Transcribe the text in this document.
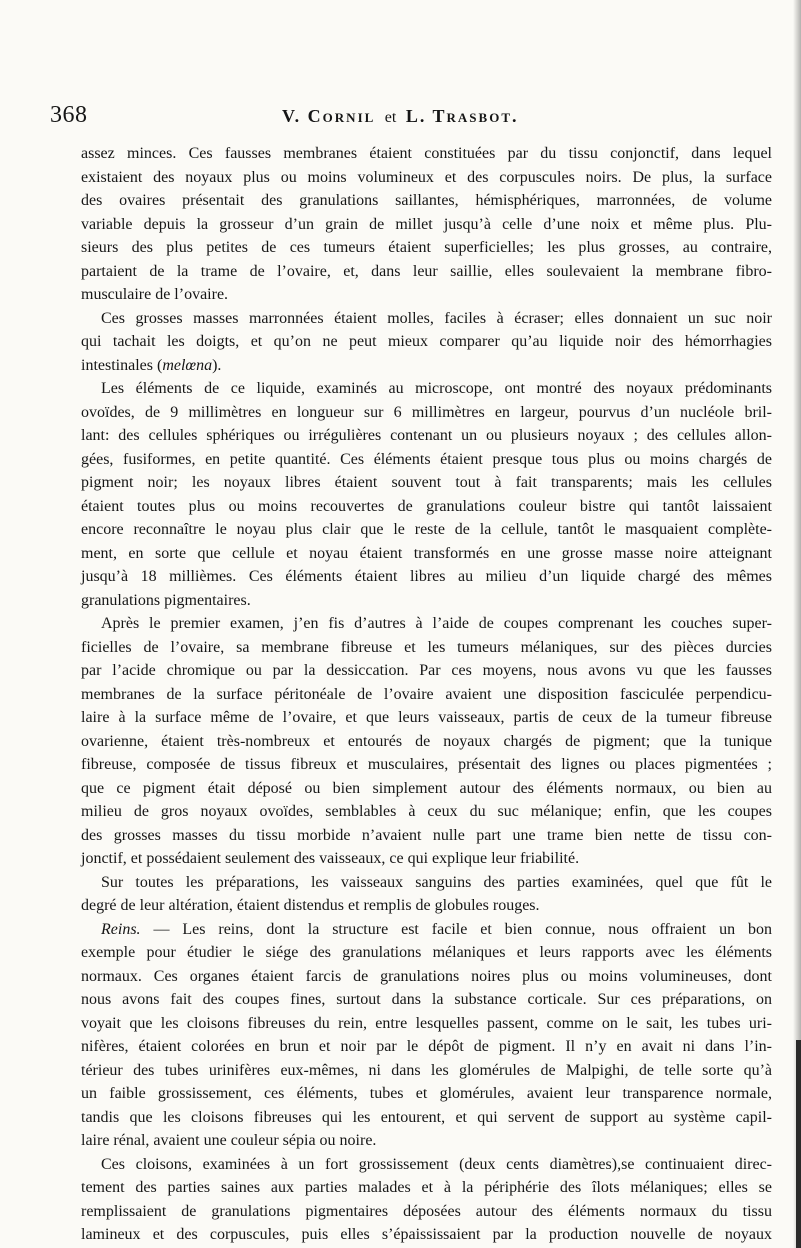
368	V. Cornil et L. Trasbot.
assez minces. Ces fausses membranes étaient constituées par du tissu conjonctif, dans lequel
existaient des noyaux plus ou moins volumineux et des corpuscules noirs. De plus, la surface
des ovaires présentait des granulations saillantes, hémisphériques, marronnées, de volume
variable depuis la grosseur d’un grain de millet jusqu’à celle d’une noix et même plus. Plu-
sieurs des plus petites de ces tumeurs étaient superficielles; les plus grosses, au contraire,
partaient de la trame de l’ovaire, et, dans leur saillie, elles soulevaient la membrane fibro-
musculaire de l’ovaire.
Ces grosses masses marronnées étaient molles, faciles à écraser; elles donnaient un suc noir
qui tachait les doigts, et qu’on ne peut mieux comparer qu’au liquide noir des hémorrhagies
intestinales (melœna).
Les éléments de ce liquide, examinés au microscope, ont montré des noyaux prédominants
ovoïdes, de 9 millimètres en longueur sur 6 millimètres en largeur, pourvus d’un nucléole bril-
lant: des cellules sphériques ou irrégulières contenant un ou plusieurs noyaux ; des cellules allon-
gées, fusiformes, en petite quantité. Ces éléments étaient presque tous plus ou moins chargés de
pigment noir; les noyaux libres étaient souvent tout à fait transparents; mais les cellules
étaient toutes plus ou moins recouvertes de granulations couleur bistre qui tantôt laissaient
encore reconnaître le noyau plus clair que le reste de la cellule, tantôt le masquaient complète-
ment, en sorte que cellule et noyau étaient transformés en une grosse masse noire atteignant
jusqu’à 18 millièmes. Ces éléments étaient libres au milieu d’un liquide chargé des mêmes
granulations pigmentaires.
Après le premier examen, j’en fis d’autres à l’aide de coupes comprenant les couches super-
ficielles de l’ovaire, sa membrane fibreuse et les tumeurs mélaniques, sur des pièces durcies
par l’acide chromique ou par la dessiccation. Par ces moyens, nous avons vu que les fausses
membranes de la surface péritonéale de l’ovaire avaient une disposition fasciculée perpendicu-
laire à la surface même de l’ovaire, et que leurs vaisseaux, partis de ceux de la tumeur fibreuse
ovarienne, étaient très-nombreux et entourés de noyaux chargés de pigment; que la tunique
fibreuse, composée de tissus fibreux et musculaires, présentait des lignes ou places pigmentées ;
que ce pigment était déposé ou bien simplement autour des éléments normaux, ou bien au
milieu de gros noyaux ovoïdes, semblables à ceux du suc mélanique; enfin, que les coupes
des grosses masses du tissu morbide n’avaient nulle part une trame bien nette de tissu con-
jonctif, et possédaient seulement des vaisseaux, ce qui explique leur friabilité.
Sur toutes les préparations, les vaisseaux sanguins des parties examinées, quel que fût le
degré de leur altération, étaient distendus et remplis de globules rouges.
Reins. — Les reins, dont la structure est facile et bien connue, nous offraient un bon
exemple pour étudier le siége des granulations mélaniques et leurs rapports avec les éléments
normaux. Ces organes étaient farcis de granulations noires plus ou moins volumineuses, dont
nous avons fait des coupes fines, surtout dans la substance corticale. Sur ces préparations, on
voyait que les cloisons fibreuses du rein, entre lesquelles passent, comme on le sait, les tubes uri-
nifères, étaient colorées en brun et noir par le dépôt de pigment. Il n’y en avait ni dans l’in-
térieur des tubes urinifères eux-mêmes, ni dans les glomérules de Malpighi, de telle sorte qu’à
un faible grossissement, ces éléments, tubes et glomérules, avaient leur transparence normale,
tandis que les cloisons fibreuses qui les entourent, et qui servent de support au système capil-
laire rénal, avaient une couleur sépia ou noire.
Ces cloisons, examinées à un fort grossissement (deux cents diamètres),se continuaient direc-
tement des parties saines aux parties malades et à la périphérie des îlots mélaniques; elles se
remplissaient de granulations pigmentaires déposées autour des éléments normaux du tissu
lamineux et des corpuscules, puis elles s’épaississaient par la production nouvelle de noyaux
